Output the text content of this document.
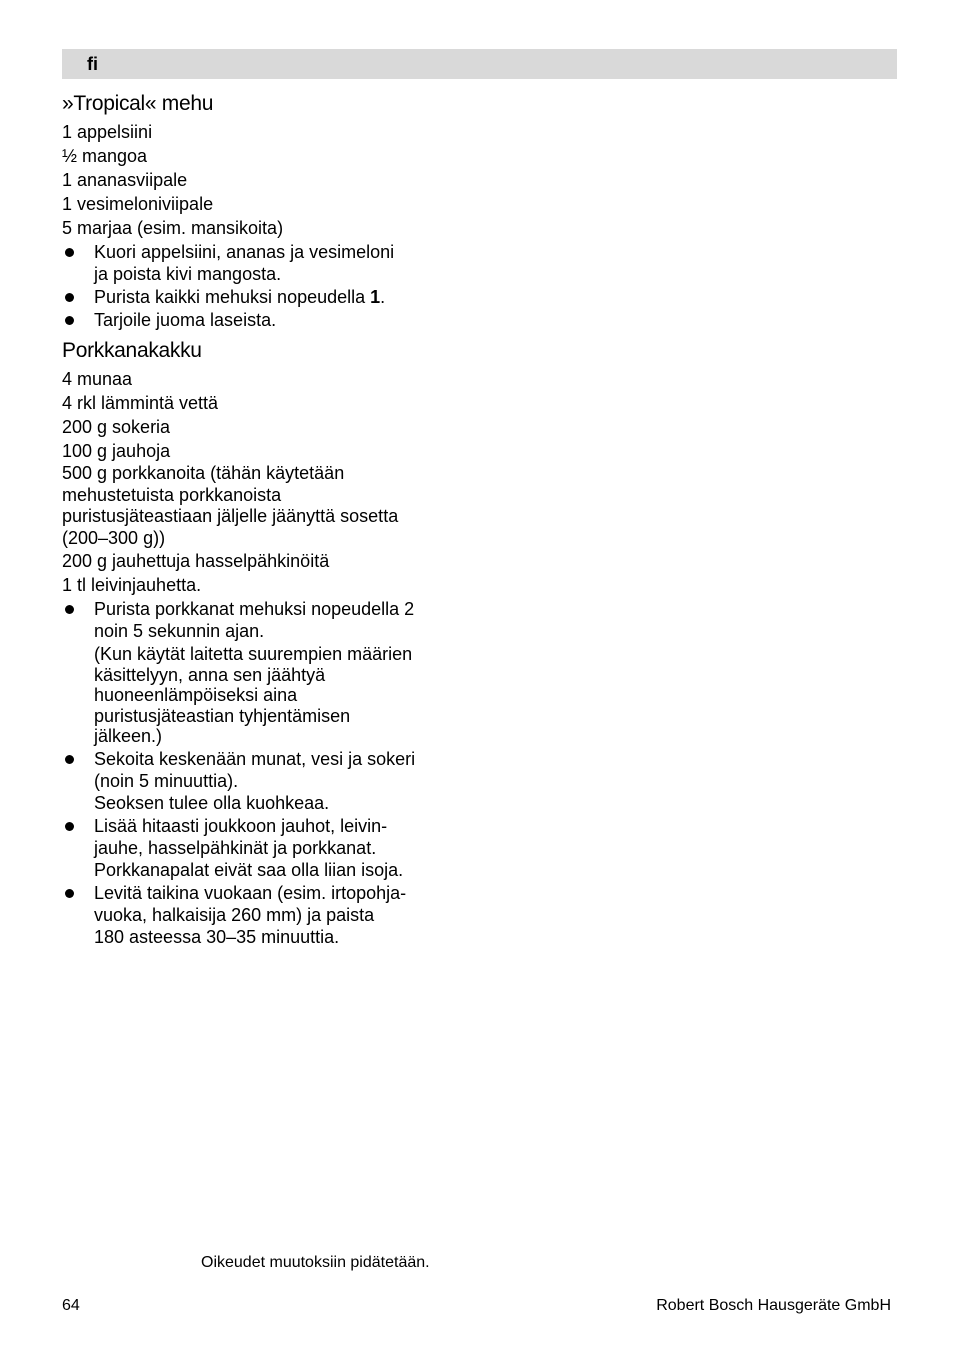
fi
»Tropical« mehu
1 appelsiini
½ mangoa
1 ananasviipale
1 vesimeloniviipale
5 marjaa (esim. mansikoita)
Kuori appelsiini, ananas ja vesimeloni
ja poista kivi mangosta.
Purista kaikki mehuksi nopeudella 1.
Tarjoile juoma laseista.
Porkkanakakku
4 munaa
4 rkl lämmintä vettä
200 g sokeria
100 g jauhoja
500 g porkkanoita (tähän käytetään
mehustetuista porkkanoista
puristusjäteastiaan jäljelle jäänyttä sosetta
(200–300 g))
200 g jauhettuja hasselpähkinöitä
1 tl leivinjauhetta.
Purista porkkanat mehuksi nopeudella 2
noin 5 sekunnin ajan.
(Kun käytät laitetta suurempien määrien
käsittelyyn, anna sen jäähtyä
huoneenlämpöiseksi aina
puristusjäteastian tyhjentämisen
jälkeen.)
Sekoita keskenään munat, vesi ja sokeri
(noin 5 minuuttia).
Seoksen tulee olla kuohkeaa.
Lisää hitaasti joukkoon jauhot, leivin-
jauhe, hasselpähkinät ja porkkanat.
Porkkanapalat eivät saa olla liian isoja.
Levitä taikina vuokaan (esim. irtopohja-
vuoka, halkaisija 260 mm) ja paista
180 asteessa 30–35 minuuttia.
Oikeudet muutoksiin pidätetään.
64	Robert Bosch Hausgeräte GmbH
